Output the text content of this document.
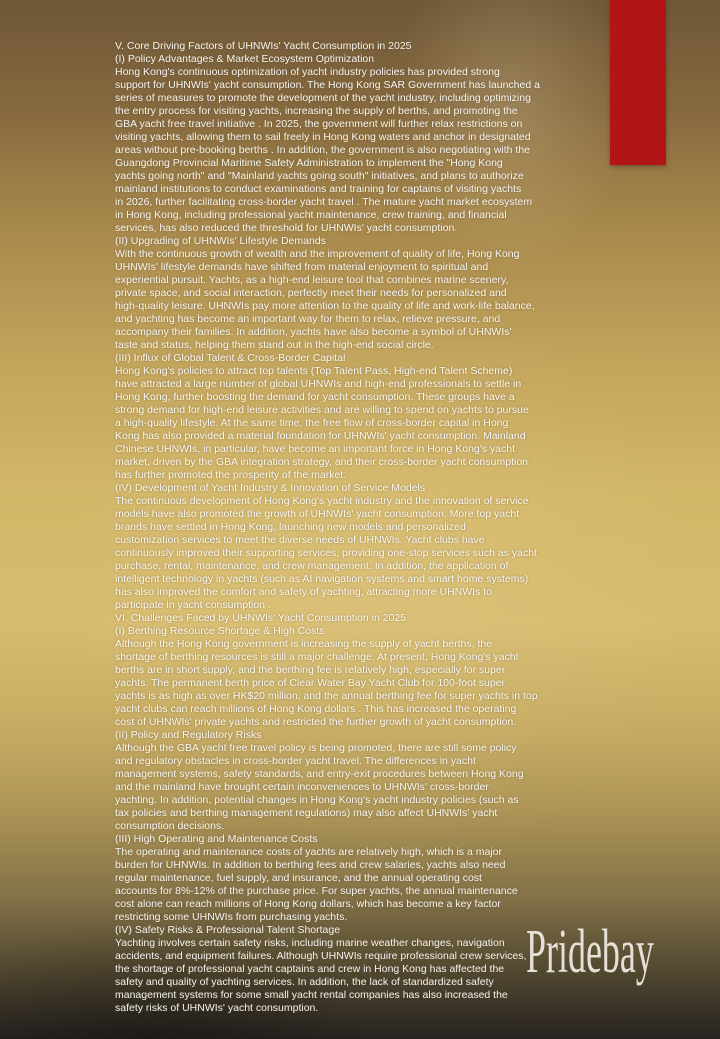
V. Core Driving Factors of UHNWIs' Yacht Consumption in 2025
(I) Policy Advantages & Market Ecosystem Optimization
Hong Kong's continuous optimization of yacht industry policies has provided strong
support for UHNWIs' yacht consumption. The Hong Kong SAR Government has launched a
series of measures to promote the development of the yacht industry, including optimizing
the entry process for visiting yachts, increasing the supply of berths, and promoting the
GBA yacht free travel initiative . In 2025, the government will further relax restrictions on
visiting yachts, allowing them to sail freely in Hong Kong waters and anchor in designated
areas without pre-booking berths . In addition, the government is also negotiating with the
Guangdong Provincial Maritime Safety Administration to implement the "Hong Kong
yachts going north" and "Mainland yachts going south" initiatives, and plans to authorize
mainland institutions to conduct examinations and training for captains of visiting yachts
in 2026, further facilitating cross-border yacht travel . The mature yacht market ecosystem
in Hong Kong, including professional yacht maintenance, crew training, and financial
services, has also reduced the threshold for UHNWIs' yacht consumption.
(II) Upgrading of UHNWIs' Lifestyle Demands
With the continuous growth of wealth and the improvement of quality of life, Hong Kong
UHNWIs' lifestyle demands have shifted from material enjoyment to spiritual and
experiential pursuit. Yachts, as a high-end leisure tool that combines marine scenery,
private space, and social interaction, perfectly meet their needs for personalized and
high-quality leisure. UHNWIs pay more attention to the quality of life and work-life balance,
and yachting has become an important way for them to relax, relieve pressure, and
accompany their families. In addition, yachts have also become a symbol of UHNWIs'
taste and status, helping them stand out in the high-end social circle.
(III) Influx of Global Talent & Cross-Border Capital
Hong Kong's policies to attract top talents (Top Talent Pass, High-end Talent Scheme)
have attracted a large number of global UHNWIs and high-end professionals to settle in
Hong Kong, further boosting the demand for yacht consumption. These groups have a
strong demand for high-end leisure activities and are willing to spend on yachts to pursue
a high-quality lifestyle. At the same time, the free flow of cross-border capital in Hong
Kong has also provided a material foundation for UHNWIs' yacht consumption. Mainland
Chinese UHNWIs, in particular, have become an important force in Hong Kong's yacht
market, driven by the GBA integration strategy, and their cross-border yacht consumption
has further promoted the prosperity of the market.
(IV) Development of Yacht Industry & Innovation of Service Models
The continuous development of Hong Kong's yacht industry and the innovation of service
models have also promoted the growth of UHNWIs' yacht consumption. More top yacht
brands have settled in Hong Kong, launching new models and personalized
customization services to meet the diverse needs of UHNWIs. Yacht clubs have
continuously improved their supporting services, providing one-stop services such as yacht
purchase, rental, maintenance, and crew management. In addition, the application of
intelligent technology in yachts (such as AI navigation systems and smart home systems)
has also improved the comfort and safety of yachting, attracting more UHNWIs to
participate in yacht consumption .
VI. Challenges Faced by UHNWIs' Yacht Consumption in 2025
(I) Berthing Resource Shortage & High Costs
Although the Hong Kong government is increasing the supply of yacht berths, the
shortage of berthing resources is still a major challenge. At present, Hong Kong's yacht
berths are in short supply, and the berthing fee is relatively high, especially for super
yachts. The permanent berth price of Clear Water Bay Yacht Club for 100-foot super
yachts is as high as over HK$20 million, and the annual berthing fee for super yachts in top
yacht clubs can reach millions of Hong Kong dollars . This has increased the operating
cost of UHNWIs' private yachts and restricted the further growth of yacht consumption.
(II) Policy and Regulatory Risks
Although the GBA yacht free travel policy is being promoted, there are still some policy
and regulatory obstacles in cross-border yacht travel. The differences in yacht
management systems, safety standards, and entry-exit procedures between Hong Kong
and the mainland have brought certain inconveniences to UHNWIs' cross-border
yachting. In addition, potential changes in Hong Kong's yacht industry policies (such as
tax policies and berthing management regulations) may also affect UHNWIs' yacht
consumption decisions.
(III) High Operating and Maintenance Costs
The operating and maintenance costs of yachts are relatively high, which is a major
burden for UHNWIs. In addition to berthing fees and crew salaries, yachts also need
regular maintenance, fuel supply, and insurance, and the annual operating cost
accounts for 8%-12% of the purchase price. For super yachts, the annual maintenance
cost alone can reach millions of Hong Kong dollars, which has become a key factor
restricting some UHNWIs from purchasing yachts.
(IV) Safety Risks & Professional Talent Shortage
Yachting involves certain safety risks, including marine weather changes, navigation
accidents, and equipment failures. Although UHNWIs require professional crew services,
the shortage of professional yacht captains and crew in Hong Kong has affected the
safety and quality of yachting services. In addition, the lack of standardized safety
management systems for some small yacht rental companies has also increased the
safety risks of UHNWIs' yacht consumption.
Pridebay
